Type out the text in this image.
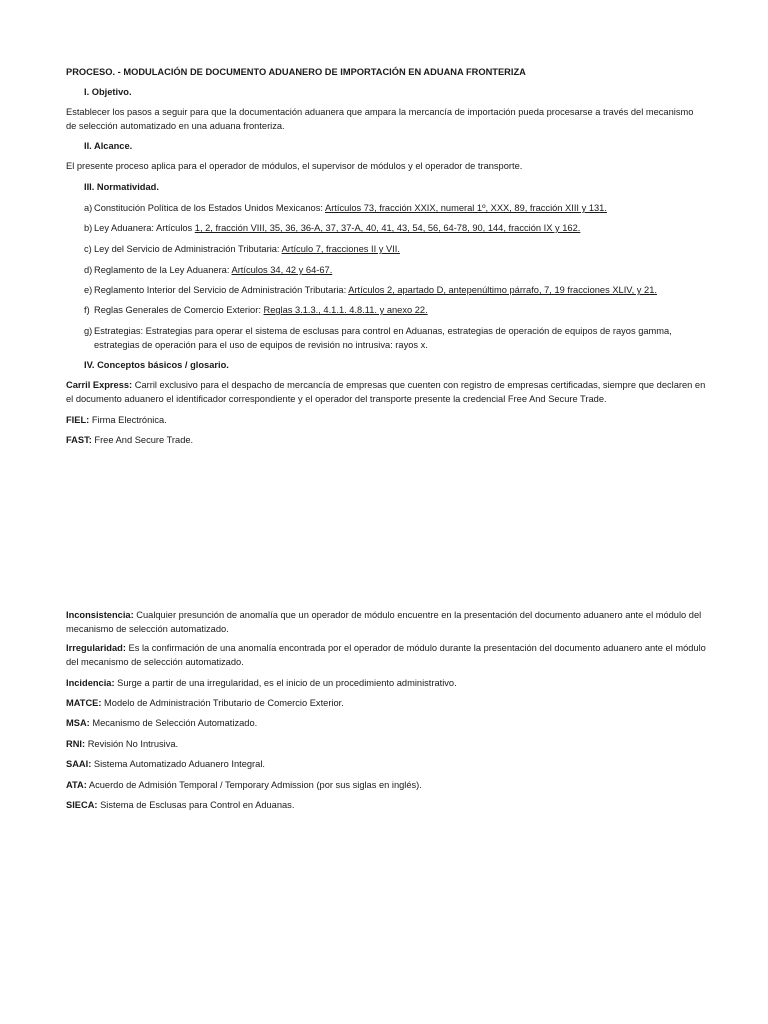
PROCESO. - MODULACIÓN DE DOCUMENTO ADUANERO DE IMPORTACIÓN EN ADUANA FRONTERIZA
I. Objetivo.
Establecer los pasos a seguir para que la documentación aduanera que ampara la mercancía de importación pueda procesarse a través del mecanismo de selección automatizado en una aduana fronteriza.
II. Alcance.
El presente proceso aplica para el operador de módulos, el supervisor de módulos y el operador de transporte.
III. Normatividad.
a) Constitución Política de los Estados Unidos Mexicanos: Artículos 73, fracción XXIX, numeral 1º, XXX, 89, fracción XIII y 131.
b) Ley Aduanera: Artículos 1, 2, fracción VIII, 35, 36, 36-A, 37, 37-A, 40, 41, 43, 54, 56, 64-78, 90, 144, fracción IX y 162.
c) Ley del Servicio de Administración Tributaria: Artículo 7, fracciones II y VII.
d) Reglamento de la Ley Aduanera: Artículos 34, 42 y 64-67.
e) Reglamento Interior del Servicio de Administración Tributaria: Artículos 2, apartado D, antepenúltimo párrafo, 7, 19 fracciones XLIV, y 21.
f) Reglas Generales de Comercio Exterior: Reglas 3.1.3., 4.1.1. 4.8.11. y anexo 22.
g) Estrategias: Estrategias para operar el sistema de esclusas para control en Aduanas, estrategias de operación de equipos de rayos gamma, estrategias de operación para el uso de equipos de revisión no intrusiva: rayos x.
IV. Conceptos básicos / glosario.
Carril Express: Carril exclusivo para el despacho de mercancía de empresas que cuenten con registro de empresas certificadas, siempre que declaren en el documento aduanero el identificador correspondiente y el operador del transporte presente la credencial Free And Secure Trade.
FIEL: Firma Electrónica.
FAST: Free And Secure Trade.
Inconsistencia: Cualquier presunción de anomalía que un operador de módulo encuentre en la presentación del documento aduanero ante el módulo del mecanismo de selección automatizado.
Irregularidad: Es la confirmación de una anomalía encontrada por el operador de módulo durante la presentación del documento aduanero ante el módulo del mecanismo de selección automatizado.
Incidencia: Surge a partir de una irregularidad, es el inicio de un procedimiento administrativo.
MATCE: Modelo de Administración Tributario de Comercio Exterior.
MSA: Mecanismo de Selección Automatizado.
RNI: Revisión No Intrusiva.
SAAI: Sistema Automatizado Aduanero Integral.
ATA: Acuerdo de Admisión Temporal / Temporary Admission (por sus siglas en inglés).
SIECA: Sistema de Esclusas para Control en Aduanas.
